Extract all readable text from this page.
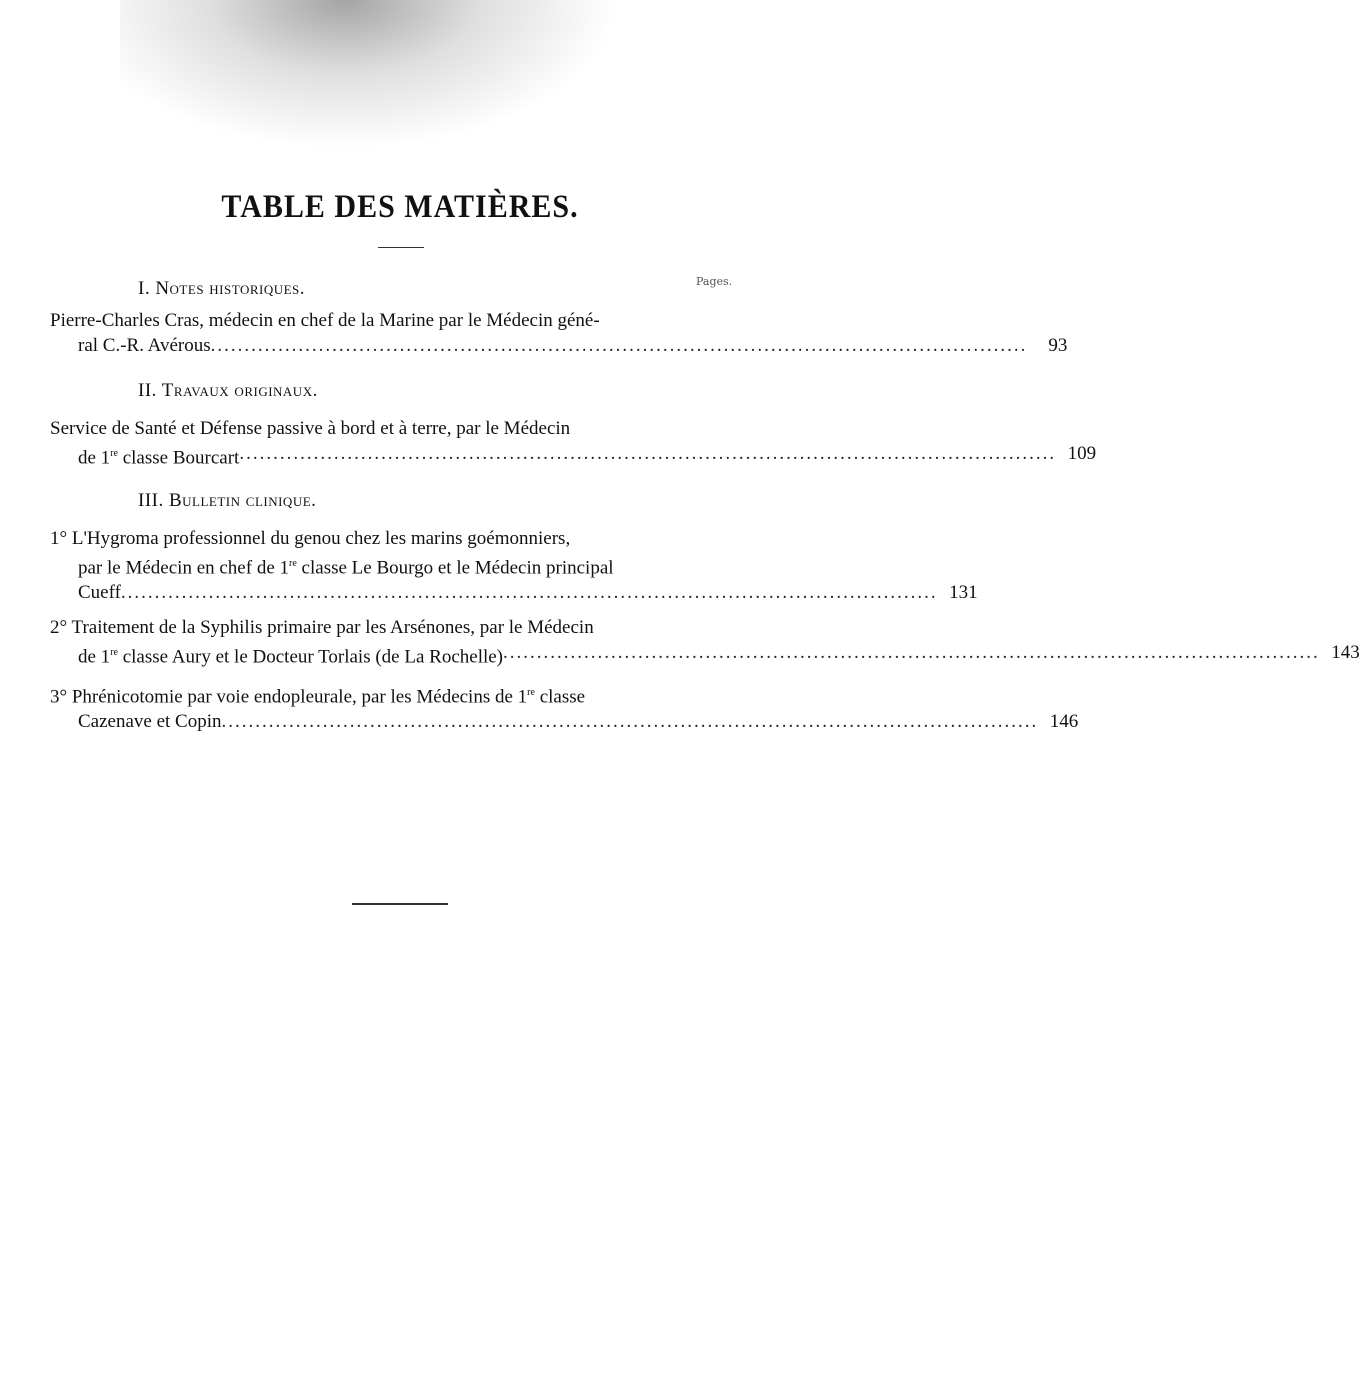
TABLE DES MATIÈRES.
I. Notes historiques.	Pages.
Pierre-Charles Cras, médecin en chef de la Marine par le Médecin géné-
ral C.-R. Avérous .........................................................................................................................	93
II. Travaux originaux.
Service de Santé et Défense passive à bord et à terre, par le Médecin
de 1re classe Bourcart ......................................................................................................................... 109
III. Bulletin clinique.
1° L'Hygroma professionnel du genou chez les marins goémonniers,
par le Médecin en chef de 1re classe Le Bourgo et le Médecin principal
Cueff ......................................................................................................................... 131
2° Traitement de la Syphilis primaire par les Arsénones, par le Médecin
de 1re classe Aury et le Docteur Torlais (de La Rochelle) ......................................................................................................................... 143
3° Phrénicotomie par voie endopleurale, par les Médecins de 1re classe
Cazenave et Copin ......................................................................................................................... 146
